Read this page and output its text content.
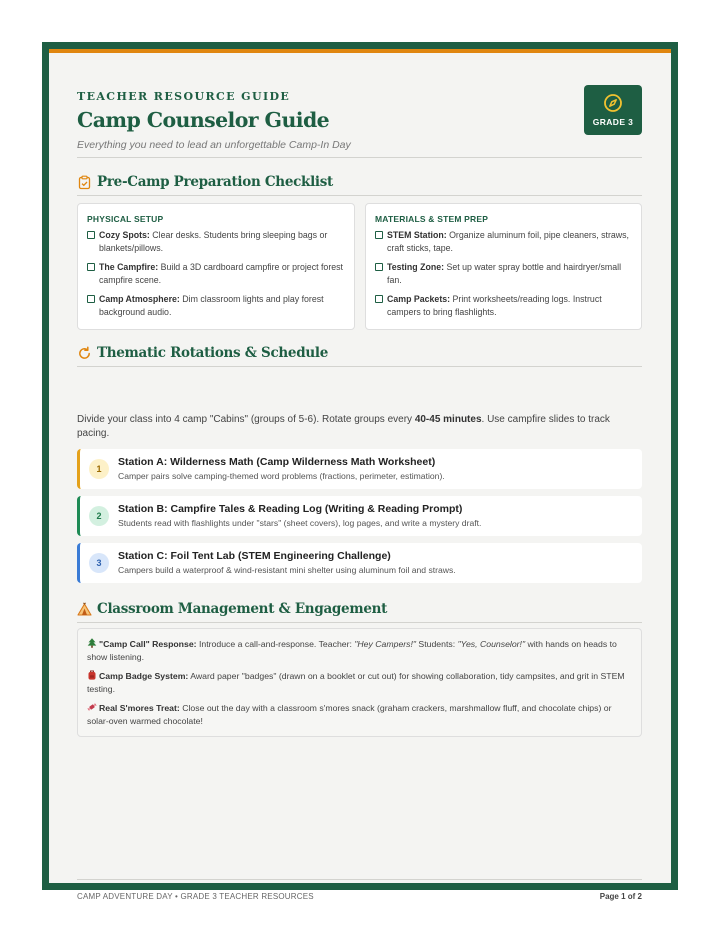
TEACHER RESOURCE GUIDE
Camp Counselor Guide
Everything you need to lead an unforgettable Camp-In Day
GRADE 3
Pre-Camp Preparation Checklist
PHYSICAL SETUP
Cozy Spots: Clear desks. Students bring sleeping bags or blankets/pillows.
The Campfire: Build a 3D cardboard campfire or project forest campfire scene.
Camp Atmosphere: Dim classroom lights and play forest background audio.
MATERIALS & STEM PREP
STEM Station: Organize aluminum foil, pipe cleaners, straws, craft sticks, tape.
Testing Zone: Set up water spray bottle and hairdryer/small fan.
Camp Packets: Print worksheets/reading logs. Instruct campers to bring flashlights.
Thematic Rotations & Schedule
Divide your class into 4 camp "Cabins" (groups of 5-6). Rotate groups every 40-45 minutes. Use campfire slides to track pacing.
1
Station A: Wilderness Math (Camp Wilderness Math Worksheet)
Camper pairs solve camping-themed word problems (fractions, perimeter, estimation).
2
Station B: Campfire Tales & Reading Log (Writing & Reading Prompt)
Students read with flashlights under "stars" (sheet covers), log pages, and write a mystery draft.
3
Station C: Foil Tent Lab (STEM Engineering Challenge)
Campers build a waterproof & wind-resistant mini shelter using aluminum foil and straws.
Classroom Management & Engagement
"Camp Call" Response: Introduce a call-and-response. Teacher: "Hey Campers!" Students: "Yes, Counselor!" with hands on heads to show listening.
Camp Badge System: Award paper "badges" (drawn on a booklet or cut out) for showing collaboration, tidy campsites, and grit in STEM testing.
Real S'mores Treat: Close out the day with a classroom s'mores snack (graham crackers, marshmallow fluff, and chocolate chips) or solar-oven warmed chocolate!
CAMP ADVENTURE DAY • GRADE 3 TEACHER RESOURCES	Page 1 of 2
